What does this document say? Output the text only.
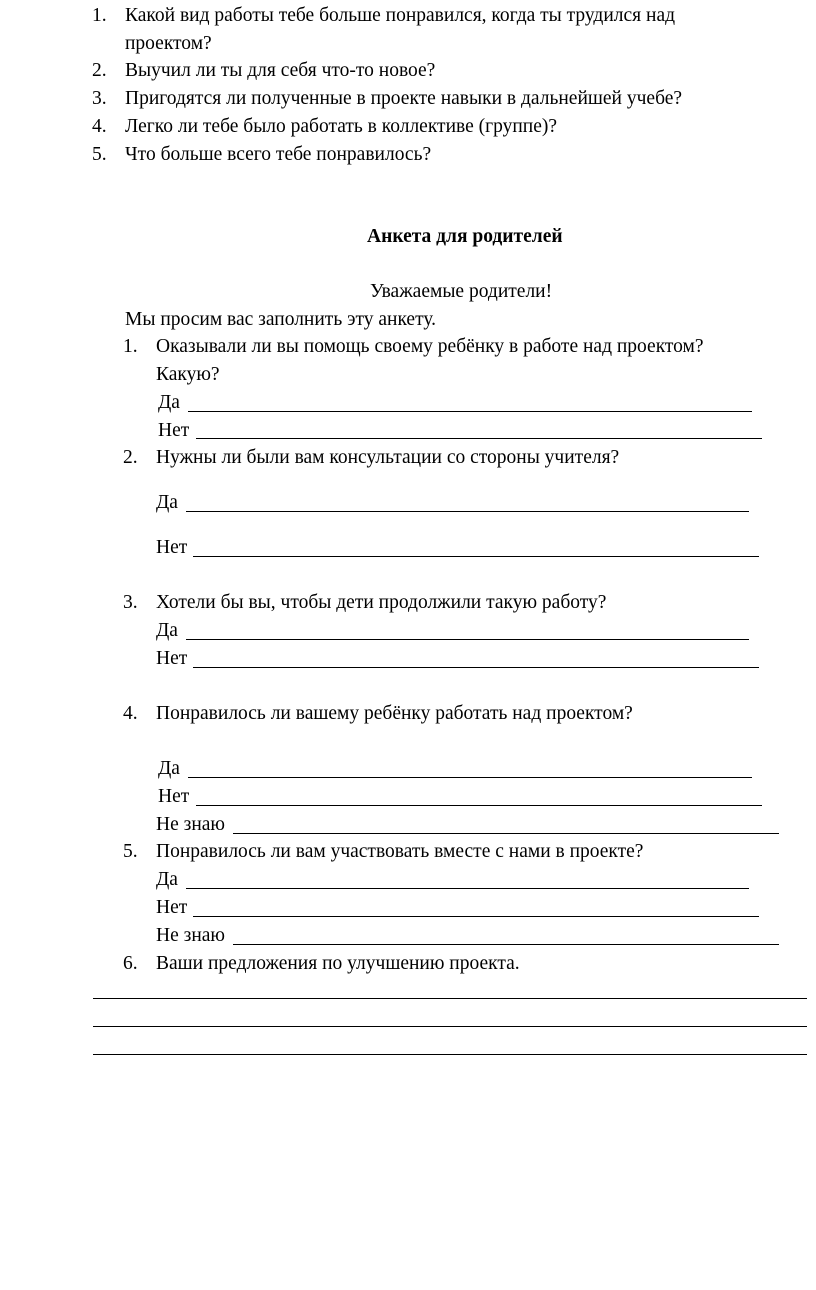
1. Какой вид работы тебе больше понравился, когда ты трудился над
проектом?
2. Выучил ли ты для себя что-то новое?
3. Пригодятся ли полученные в проекте навыки в дальнейшей учебе?
4. Легко ли тебе было работать в коллективе (группе)?
5. Что больше всего тебе понравилось?
Анкета для родителей
Уважаемые родители!
Мы просим вас заполнить эту анкету.
1. Оказывали ли вы помощь своему ребёнку в работе над проектом?
Какую?
Да
Нет
2. Нужны ли были вам консультации со стороны учителя?
Да
Нет
3. Хотели бы вы, чтобы дети продолжили такую работу?
Да
Нет
4. Понравилось ли вашему ребёнку работать над проектом?
Да
Нет
Не знаю
5. Понравилось ли вам участвовать вместе с нами в проекте?
Да
Нет
Не знаю
6. Ваши предложения по улучшению проекта.
